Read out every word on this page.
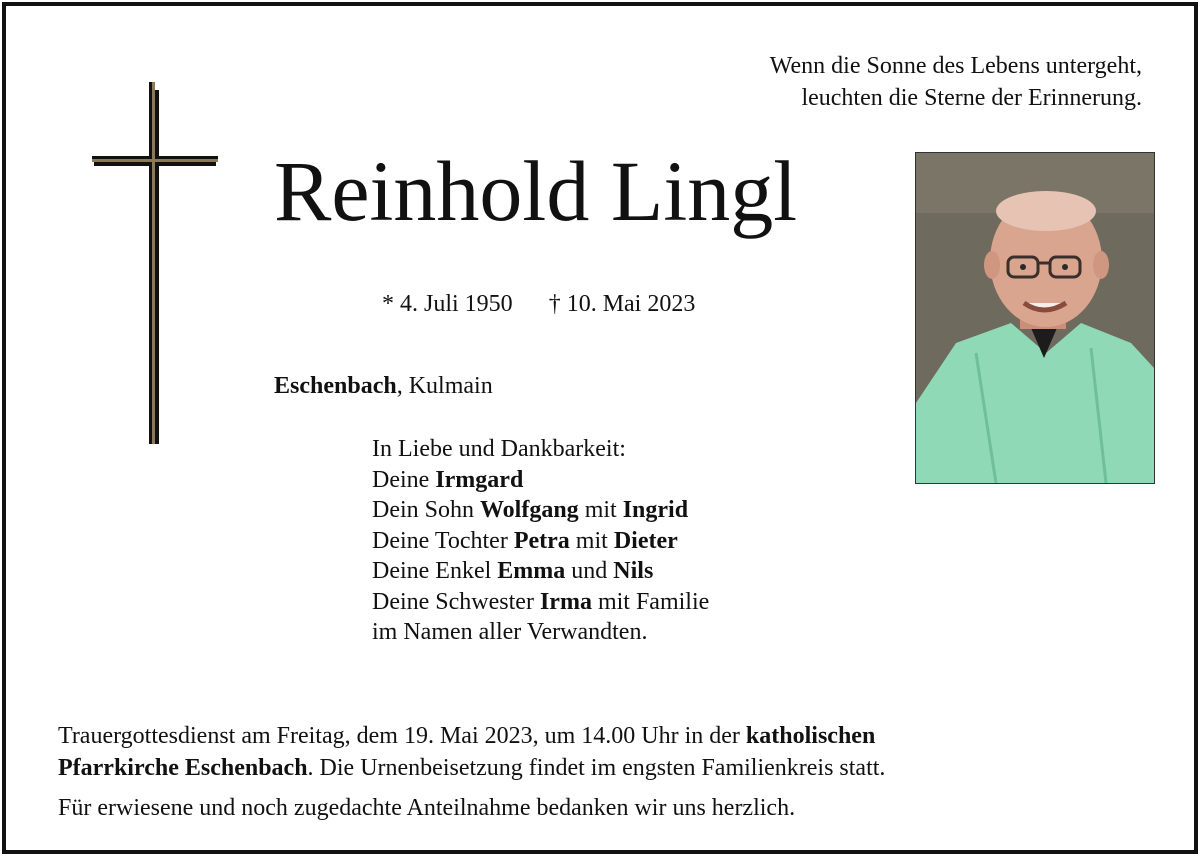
Wenn die Sonne des Lebens untergeht,
leuchten die Sterne der Erinnerung.
Reinhold Lingl
* 4. Juli 1950 † 10. Mai 2023
Eschenbach, Kulmain
In Liebe und Dankbarkeit:
Deine Irmgard
Dein Sohn Wolfgang mit Ingrid
Deine Tochter Petra mit Dieter
Deine Enkel Emma und Nils
Deine Schwester Irma mit Familie
im Namen aller Verwandten.
Trauergottesdienst am Freitag, dem 19. Mai 2023, um 14.00 Uhr in der katholischen
Pfarrkirche Eschenbach. Die Urnenbeisetzung findet im engsten Familienkreis statt.
Für erwiesene und noch zugedachte Anteilnahme bedanken wir uns herzlich.
